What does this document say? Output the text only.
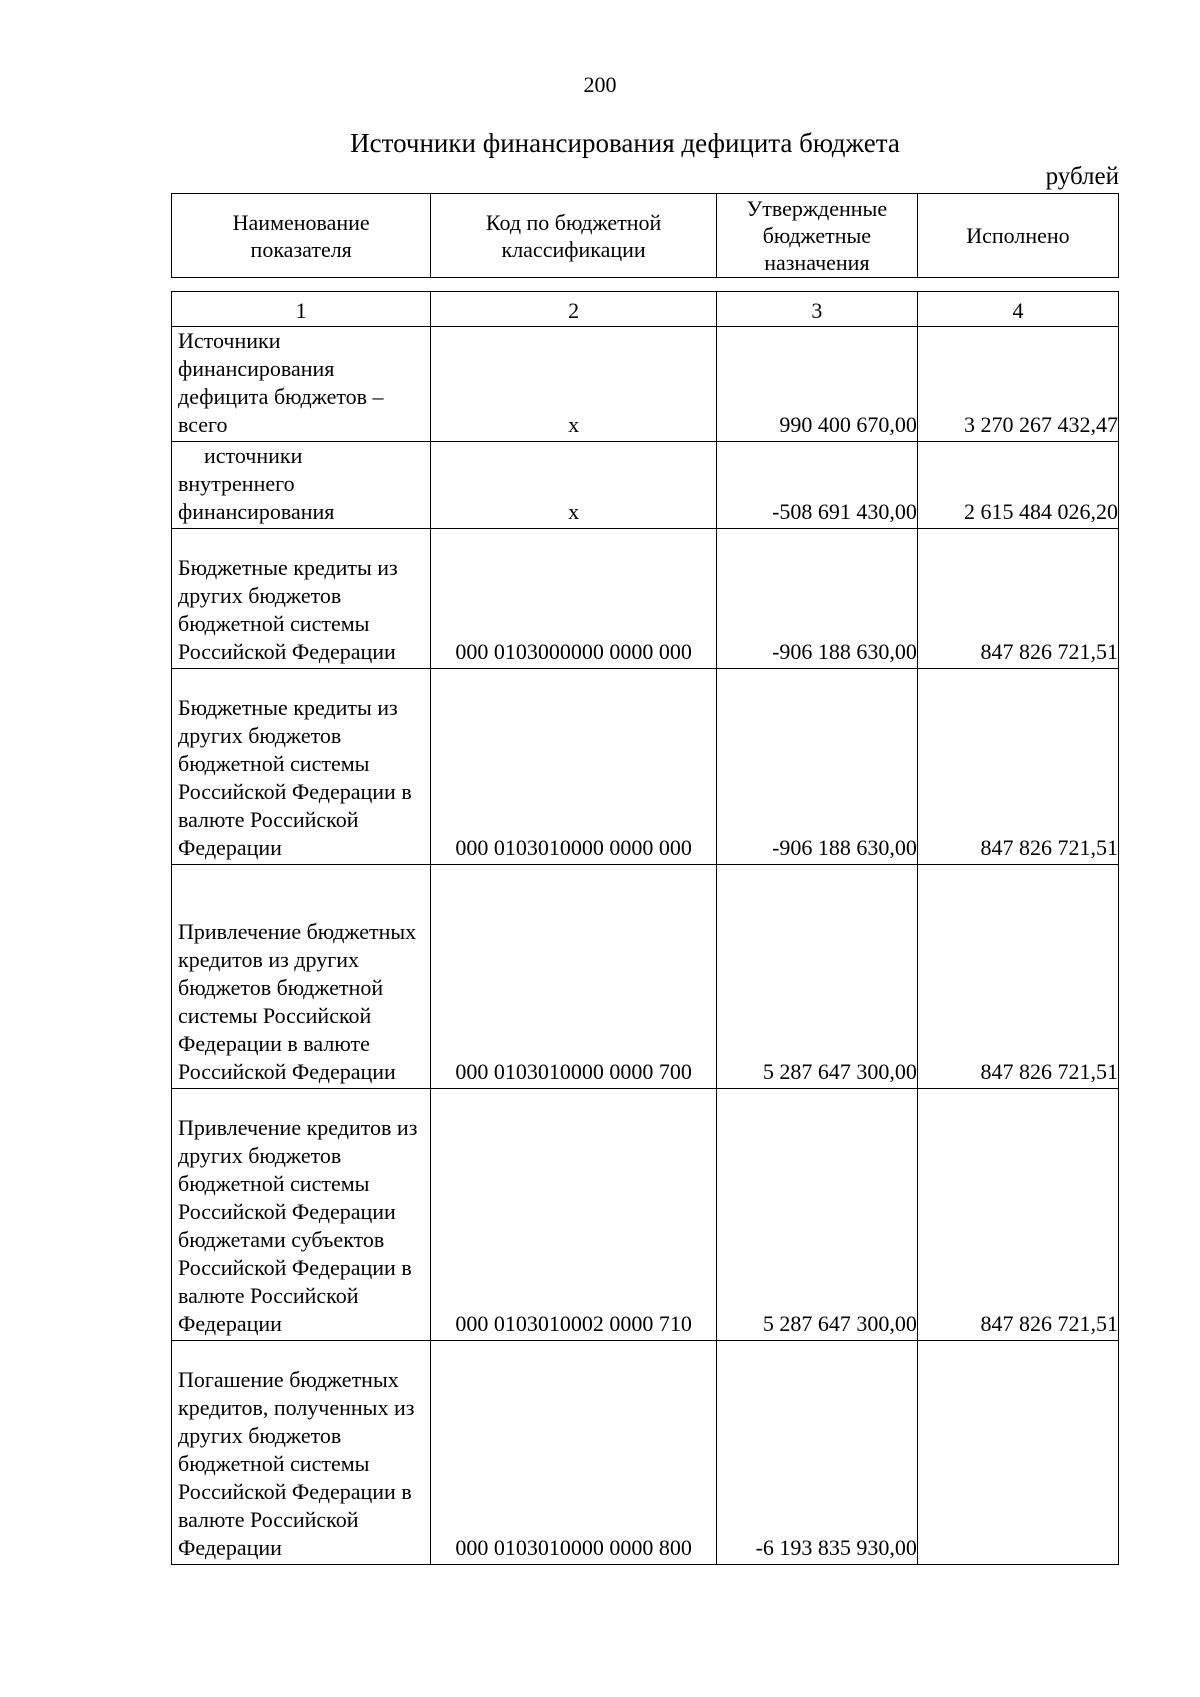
200
Источники финансирования дефицита бюджета
рублей
Наименование показателя	Код по бюджетной классификации	Утвержденные бюджетные назначения	Исполнено
1	2	3	4
Источники финансирования дефицита бюджетов – всего	x	990 400 670,00	3 270 267 432,47

источники внутреннего финансирования	x	-508 691 430,00	2 615 484 026,20
Бюджетные кредиты из других бюджетов бюджетной системы Российской Федерации	000 0103000000 0000 000	-906 188 630,00	847 826 721,51
Бюджетные кредиты из других бюджетов бюджетной системы Российской Федерации в валюте Российской Федерации	000 0103010000 0000 000	-906 188 630,00	847 826 721,51
Привлечение бюджетных кредитов из других бюджетов бюджетной системы Российской Федерации в валюте Российской Федерации	000 0103010000 0000 700	5 287 647 300,00	847 826 721,51
Привлечение кредитов из других бюджетов бюджетной системы Российской Федерации бюджетами субъектов Российской Федерации в валюте Российской Федерации	000 0103010002 0000 710	5 287 647 300,00	847 826 721,51
Погашение бюджетных кредитов, полученных из других бюджетов бюджетной системы Российской Федерации в валюте Российской Федерации	000 0103010000 0000 800	-6 193 835 930,00	
